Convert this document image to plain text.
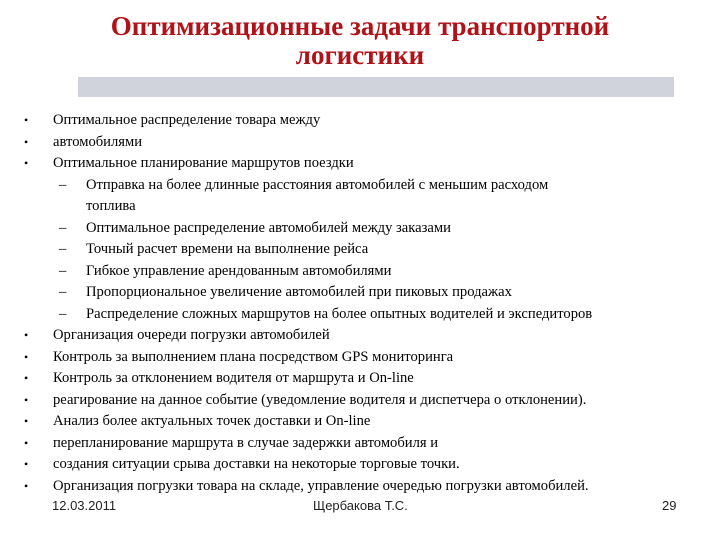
Оптимизационные задачи транспортной
логистики
•	Оптимальное распределение товара между
•	автомобилями
•	Оптимальное планирование маршрутов поездки
–	Отправка на более длинные расстояния автомобилей с меньшим расходом
топлива
–	Оптимальное распределение автомобилей между заказами
–	Точный расчет времени на выполнение рейса
–	Гибкое управление арендованным автомобилями
–	Пропорциональное увеличение автомобилей при пиковых продажах
–	Распределение сложных маршрутов на более опытных водителей и экспедиторов
•	Организация очереди погрузки автомобилей
•	Контроль за выполнением плана посредством GPS мониторинга
•	Контроль за отклонением водителя от маршрута и On-line
•	реагирование на данное событие (уведомление водителя и диспетчера о отклонении).
•	Анализ более актуальных точек доставки и On-line
•	перепланирование маршрута в случае задержки автомобиля и
•	создания ситуации срыва доставки на некоторые торговые точки.
•	Организация погрузки товара на складе, управление очередью погрузки автомобилей.
12.03.2011	Щербакова Т.С.	29
